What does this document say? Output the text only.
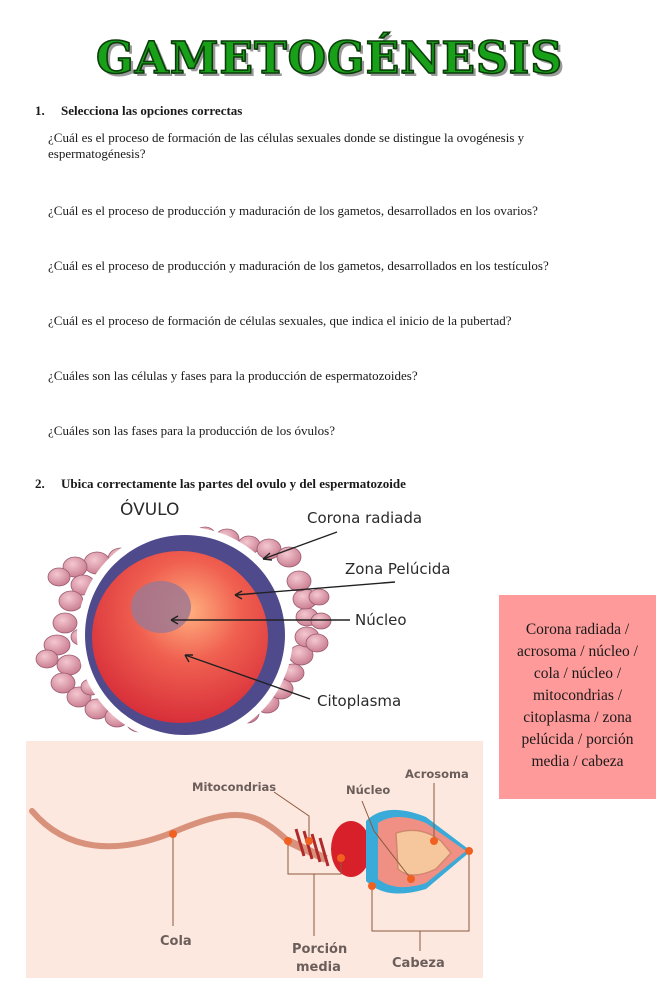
GAMETOGÉNESIS
1. Selecciona las opciones correctas
¿Cuál es el proceso de formación de las células sexuales donde se distingue la ovogénesis y espermatogénesis?
¿Cuál es el proceso de producción y maduración de los gametos, desarrollados en los ovarios?
¿Cuál es el proceso de producción y maduración de los gametos, desarrollados en los testículos?
¿Cuál es el proceso de formación de células sexuales, que indica el inicio de la pubertad?
¿Cuáles son las células y fases para la producción de espermatozoides?
¿Cuáles son las fases para la producción de los óvulos?
2. Ubica correctamente las partes del ovulo y del espermatozoide
ÓVULO	Corona radiada
Zona Pelúcida
Núcleo
Citoplasma
Corona radiada / acrosoma / núcleo / cola / núcleo / mitocondrias / citoplasma / zona pelúcida / porción media / cabeza
Mitocondrias	Núcleo
Acrosoma
Cola
Porción
media	Cabeza
